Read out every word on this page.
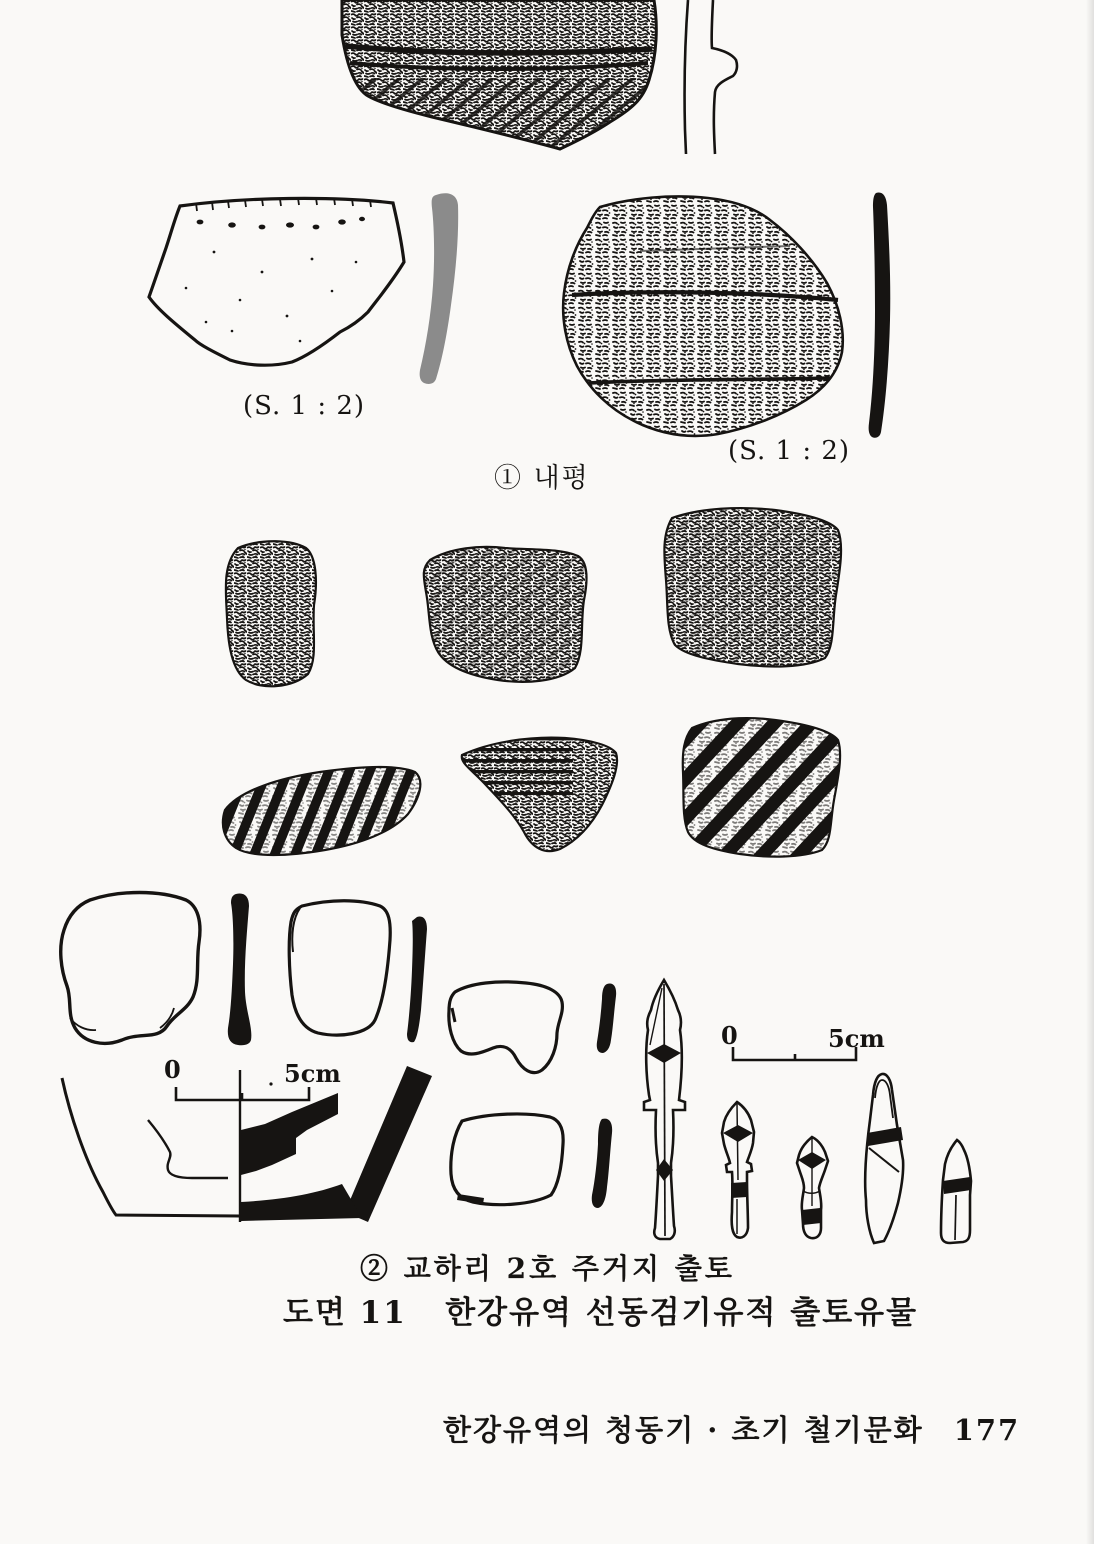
(S. 1 : 2)
(S. 1 : 2)
① 내평
0	5cm
0	5cm
② 교하리 2호 주거지 출토
도면 11   한강유역 선동검기유적 출토유물
한강유역의 청동기 · 초기 철기문화 177
